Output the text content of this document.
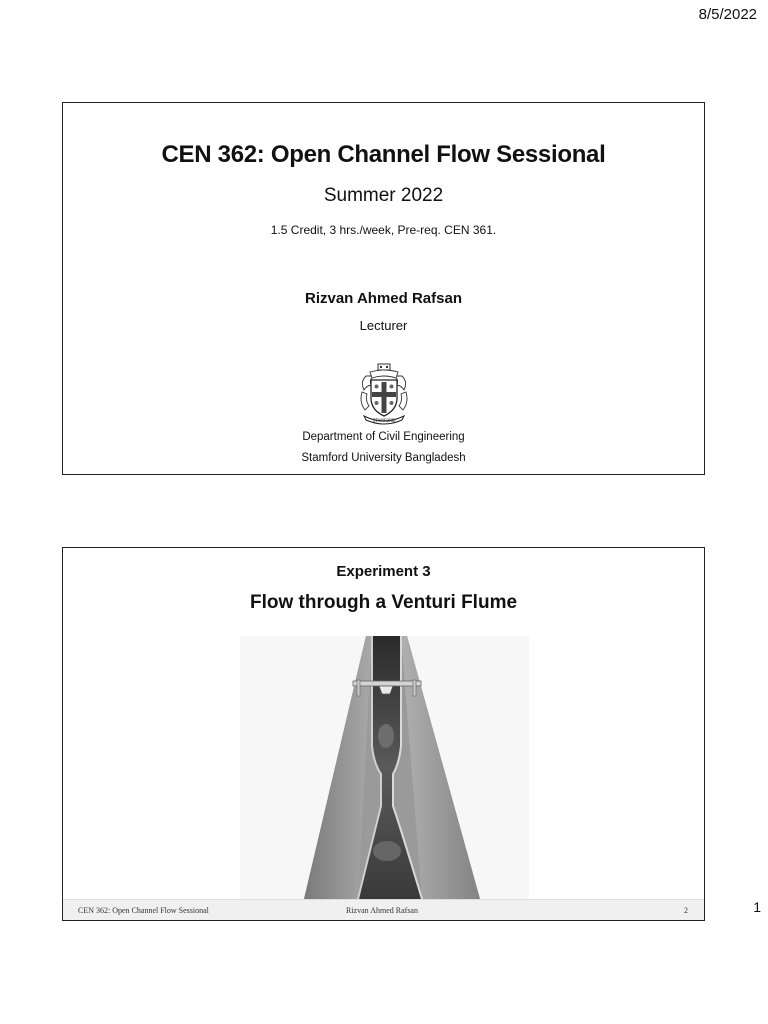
8/5/2022
CEN 362: Open Channel Flow Sessional
Summer 2022
1.5 Credit, 3 hrs./week, Pre-req. CEN 361.
Rizvan Ahmed Rafsan
Lecturer
STAMFORD
Department of Civil Engineering
Stamford University Bangladesh
Experiment 3
Flow through a Venturi Flume
CEN 362: Open Channel Flow Sessional	Rizvan Ahmed Rafsan	2	1
